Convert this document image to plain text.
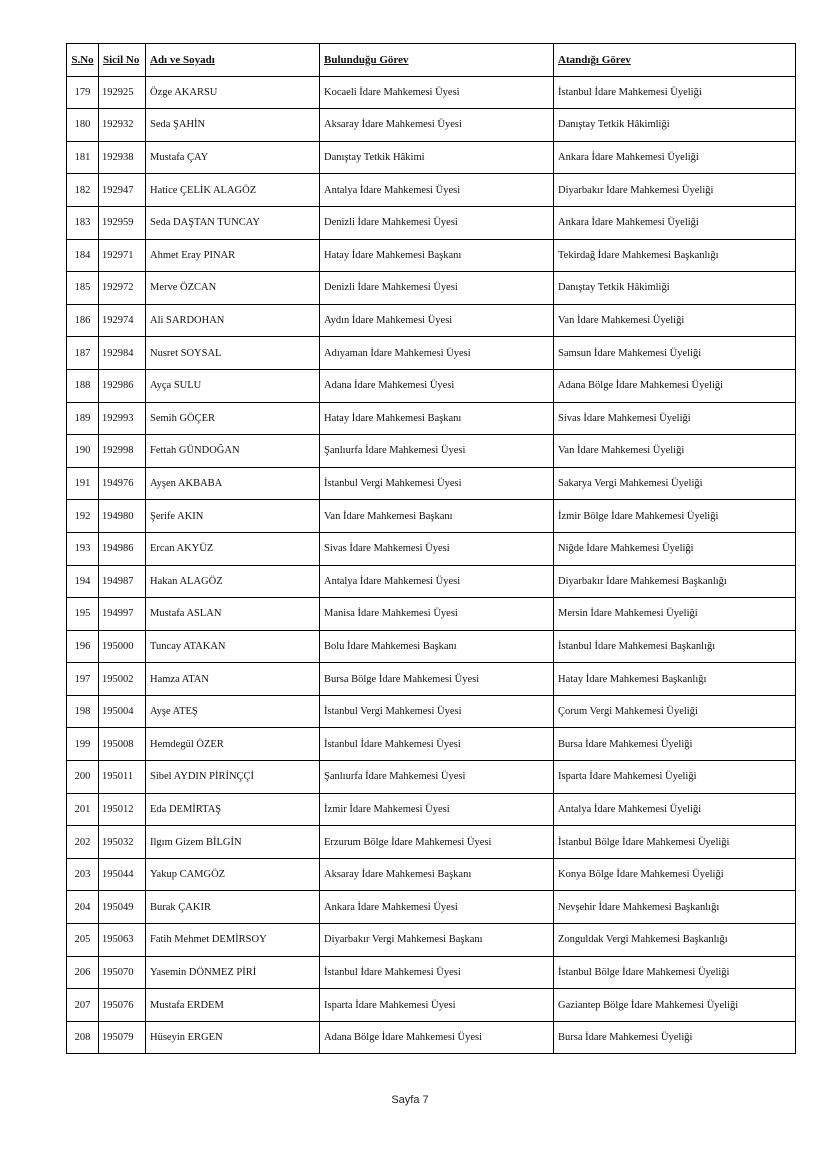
S.No	Sicil No	Adı ve Soyadı	Bulunduğu Görev	Atandığı Görev
179	192925	Özge AKARSU	Kocaeli İdare Mahkemesi Üyesi	İstanbul İdare Mahkemesi Üyeliği
180	192932	Seda ŞAHİN	Aksaray İdare Mahkemesi Üyesi	Danıştay Tetkik Hâkimliği
181	192938	Mustafa ÇAY	Danıştay Tetkik Hâkimi	Ankara İdare Mahkemesi Üyeliği
182	192947	Hatice ÇELİK ALAGÖZ	Antalya İdare Mahkemesi Üyesi	Diyarbakır İdare Mahkemesi Üyeliği
183	192959	Seda DAŞTAN TUNCAY	Denizli İdare Mahkemesi Üyesi	Ankara İdare Mahkemesi Üyeliği
184	192971	Ahmet Eray PINAR	Hatay İdare Mahkemesi Başkanı	Tekirdağ İdare Mahkemesi Başkanlığı
185	192972	Merve ÖZCAN	Denizli İdare Mahkemesi Üyesi	Danıştay Tetkik Hâkimliği
186	192974	Ali SARDOHAN	Aydın İdare Mahkemesi Üyesi	Van İdare Mahkemesi Üyeliği
187	192984	Nusret SOYSAL	Adıyaman İdare Mahkemesi Üyesi	Samsun İdare Mahkemesi Üyeliği
188	192986	Ayça SULU	Adana İdare Mahkemesi Üyesi	Adana Bölge İdare Mahkemesi Üyeliği
189	192993	Semih GÖÇER	Hatay İdare Mahkemesi Başkanı	Sivas İdare Mahkemesi Üyeliği
190	192998	Fettah GÜNDOĞAN	Şanlıurfa İdare Mahkemesi Üyesi	Van İdare Mahkemesi Üyeliği
191	194976	Ayşen AKBABA	İstanbul Vergi Mahkemesi Üyesi	Sakarya Vergi Mahkemesi Üyeliği
192	194980	Şerife AKIN	Van İdare Mahkemesi Başkanı	İzmir Bölge İdare Mahkemesi Üyeliği
193	194986	Ercan AKYÜZ	Sivas İdare Mahkemesi Üyesi	Niğde İdare Mahkemesi Üyeliği
194	194987	Hakan ALAGÖZ	Antalya İdare Mahkemesi Üyesi	Diyarbakır İdare Mahkemesi Başkanlığı
195	194997	Mustafa ASLAN	Manisa İdare Mahkemesi Üyesi	Mersin İdare Mahkemesi Üyeliği
196	195000	Tuncay ATAKAN	Bolu İdare Mahkemesi Başkanı	İstanbul İdare Mahkemesi Başkanlığı
197	195002	Hamza ATAN	Bursa Bölge İdare Mahkemesi Üyesi	Hatay İdare Mahkemesi Başkanlığı
198	195004	Ayşe ATEŞ	İstanbul Vergi Mahkemesi Üyesi	Çorum Vergi Mahkemesi Üyeliği
199	195008	Hemdegül ÖZER	İstanbul İdare Mahkemesi Üyesi	Bursa İdare Mahkemesi Üyeliği
200	195011	Sibel AYDIN PİRİNÇÇİ	Şanlıurfa İdare Mahkemesi Üyesi	Isparta İdare Mahkemesi Üyeliği
201	195012	Eda DEMİRTAŞ	İzmir İdare Mahkemesi Üyesi	Antalya İdare Mahkemesi Üyeliği
202	195032	Ilgım Gizem BİLGİN	Erzurum Bölge İdare Mahkemesi Üyesi	İstanbul Bölge İdare Mahkemesi Üyeliği
203	195044	Yakup CAMGÖZ	Aksaray İdare Mahkemesi Başkanı	Konya Bölge İdare Mahkemesi Üyeliği
204	195049	Burak ÇAKIR	Ankara İdare Mahkemesi Üyesi	Nevşehir İdare Mahkemesi Başkanlığı
205	195063	Fatih Mehmet DEMİRSOY	Diyarbakır Vergi Mahkemesi Başkanı	Zonguldak Vergi Mahkemesi Başkanlığı
206	195070	Yasemin DÖNMEZ PİRİ	İstanbul İdare Mahkemesi Üyesi	İstanbul Bölge İdare Mahkemesi Üyeliği
207	195076	Mustafa ERDEM	Isparta İdare Mahkemesi Üyesi	Gaziantep Bölge İdare Mahkemesi Üyeliği
208	195079	Hüseyin ERGEN	Adana Bölge İdare Mahkemesi Üyesi	Bursa İdare Mahkemesi Üyeliği
Sayfa 7
